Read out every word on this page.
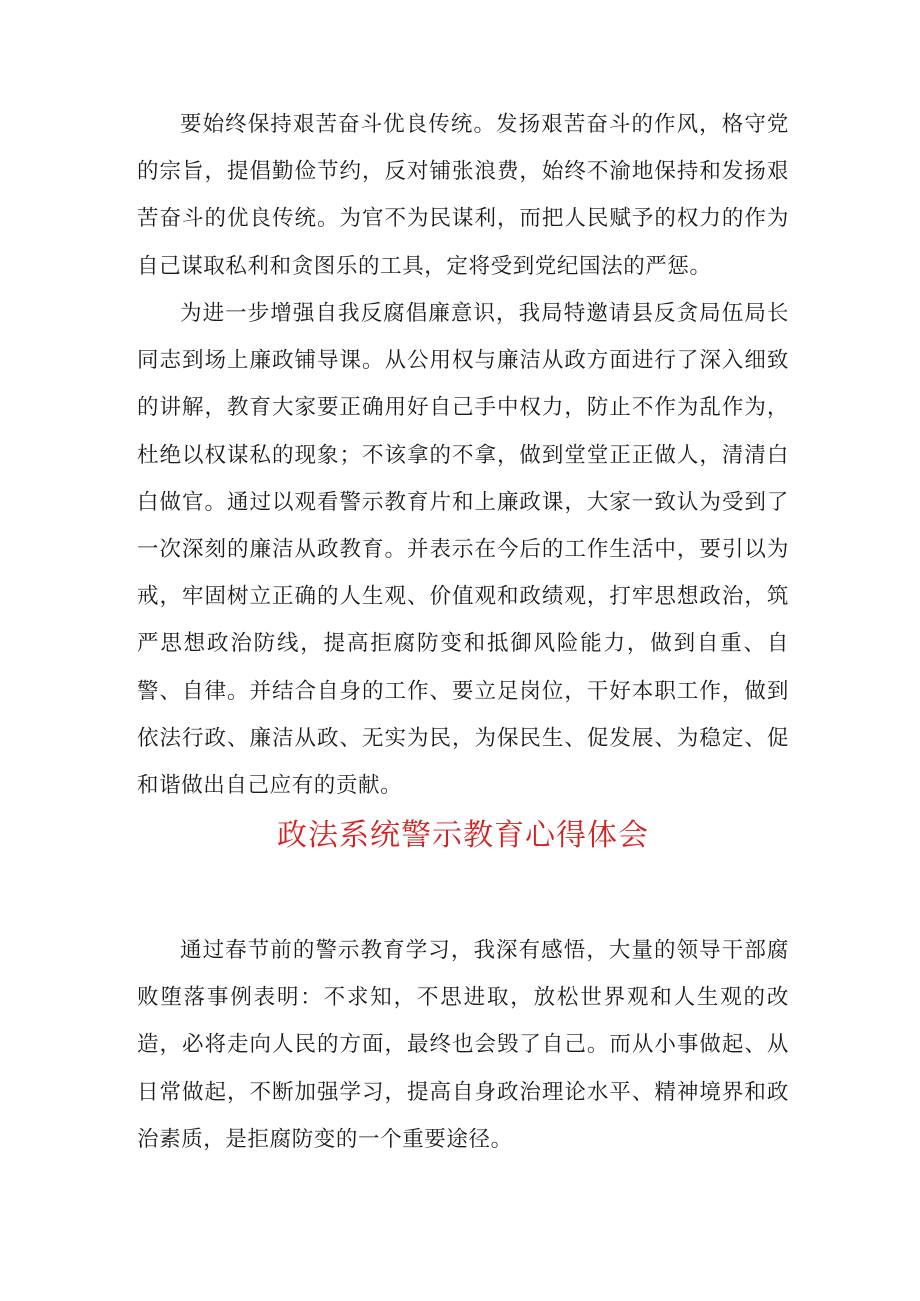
要始终保持艰苦奋斗优良传统。发扬艰苦奋斗的作风，格守党的宗旨，提倡勤俭节约，反对铺张浪费，始终不渝地保持和发扬艰苦奋斗的优良传统。为官不为民谋利，而把人民赋予的权力的作为自己谋取私利和贪图乐的工具，定将受到党纪国法的严惩。

为进一步增强自我反腐倡廉意识，我局特邀请县反贪局伍局长同志到场上廉政铺导课。从公用权与廉洁从政方面进行了深入细致的讲解，教育大家要正确用好自己手中权力，防止不作为乱作为，杜绝以权谋私的现象；不该拿的不拿，做到堂堂正正做人，清清白白做官。通过以观看警示教育片和上廉政课，大家一致认为受到了一次深刻的廉洁从政教育。并表示在今后的工作生活中，要引以为戒，牢固树立正确的人生观、价值观和政绩观，打牢思想政治，筑严思想政治防线，提高拒腐防变和抵御风险能力，做到自重、自警、自律。并结合自身的工作、要立足岗位，干好本职工作，做到依法行政、廉洁从政、无实为民，为保民生、促发展、为稳定、促和谐做出自己应有的贡献。

政法系统警示教育心得体会

通过春节前的警示教育学习，我深有感悟，大量的领导干部腐败堕落事例表明：不求知，不思进取，放松世界观和人生观的改造，必将走向人民的方面，最终也会毁了自己。而从小事做起、从日常做起，不断加强学习，提高自身政治理论水平、精神境界和政治素质，是拒腐防变的一个重要途径。
